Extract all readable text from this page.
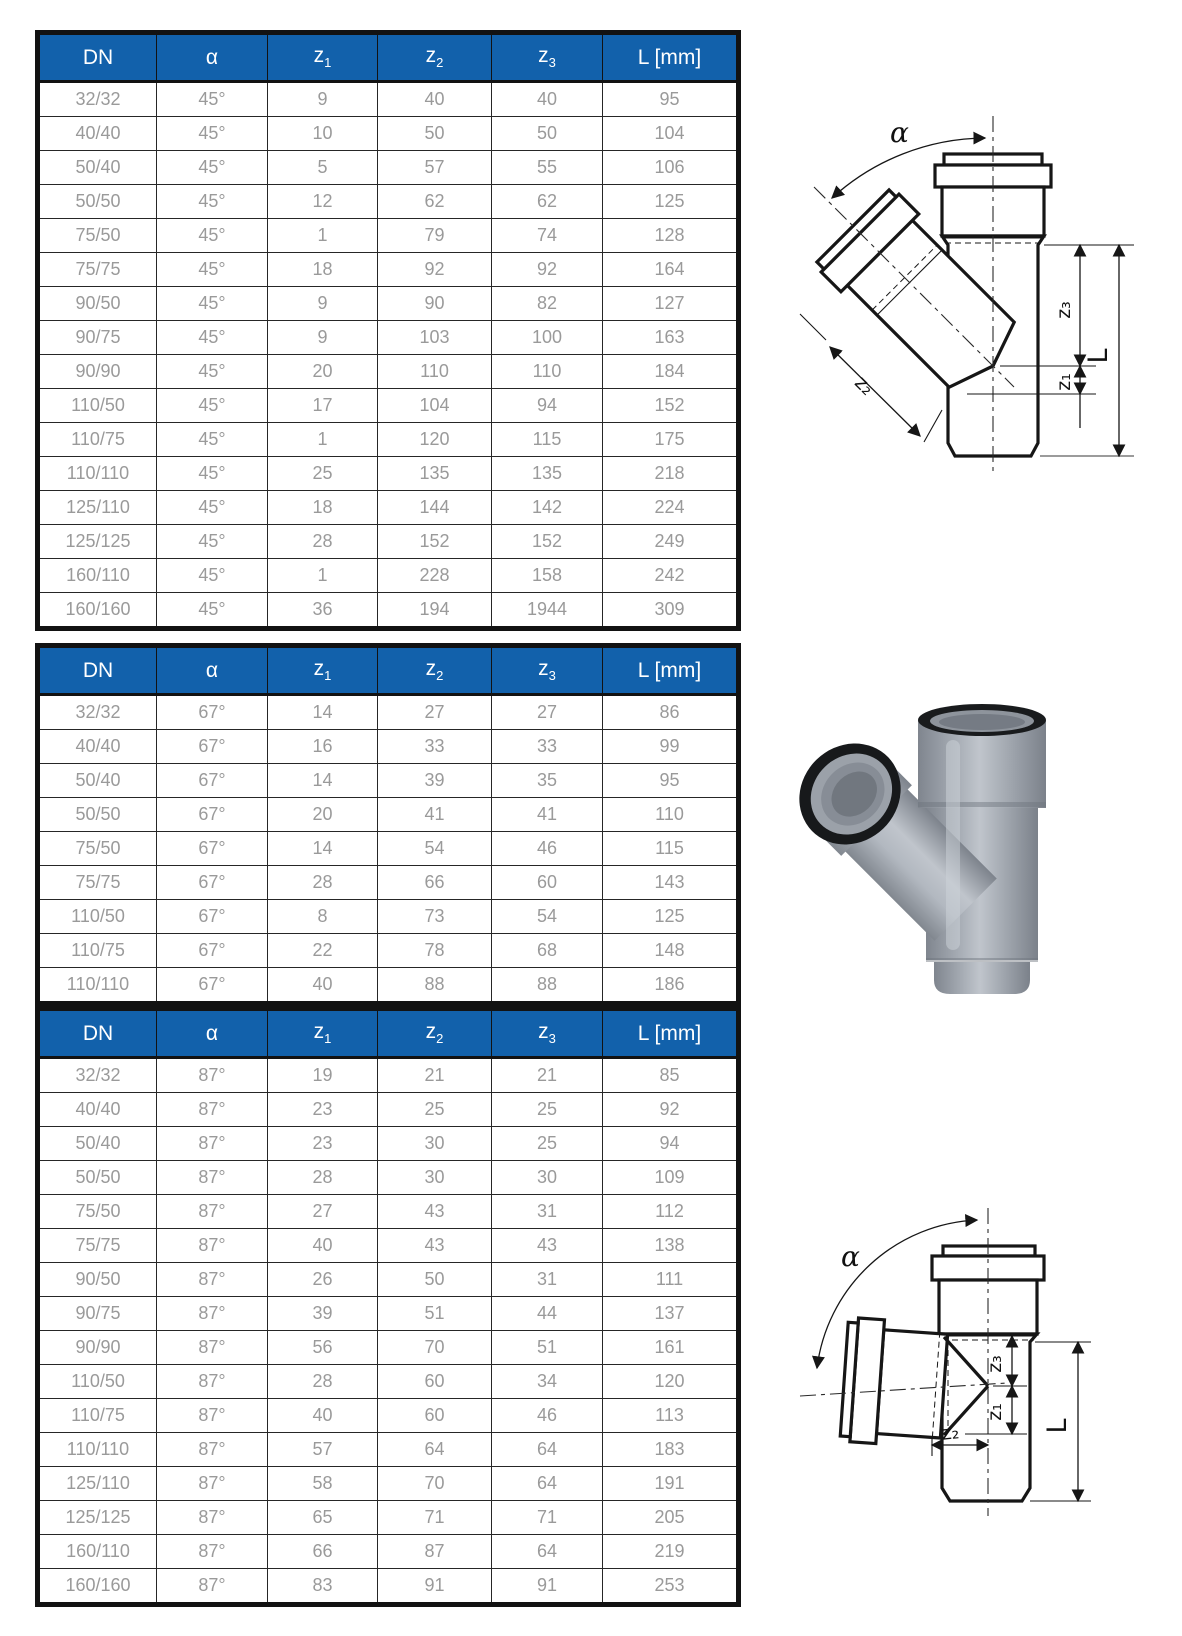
DN	α	$z_1$	$z_2$	$z_3$	L [mm]
32/32	45°	9	40	40	95
40/40	45°	10	50	50	104
50/40	45°	5	57	55	106
50/50	45°	12	62	62	125
75/50	45°	1	79	74	128
75/75	45°	18	92	92	164
90/50	45°	9	90	82	127
90/75	45°	9	103	100	163
90/90	45°	20	110	110	184
110/50	45°	17	104	94	152
110/75	45°	1	120	115	175
110/110	45°	25	135	135	218
125/110	45°	18	144	142	224
125/125	45°	28	152	152	249
160/110	45°	1	228	158	242
160/160	45°	36	194	1944	309
DN	α	$z_1$	$z_2$	$z_3$	L [mm]
32/32	67°	14	27	27	86
40/40	67°	16	33	33	99
50/40	67°	14	39	35	95
50/50	67°	20	41	41	110
75/50	67°	14	54	46	115
75/75	67°	28	66	60	143
110/50	67°	8	73	54	125
110/75	67°	22	78	68	148
110/110	67°	40	88	88	186
DN	α	$z_1$	$z_2$	$z_3$	L [mm]
32/32	87°	19	21	21	85
40/40	87°	23	25	25	92
50/40	87°	23	30	25	94
50/50	87°	28	30	30	109
75/50	87°	27	43	31	112
75/75	87°	40	43	43	138
90/50	87°	26	50	31	111
90/75	87°	39	51	44	137
90/90	87°	56	70	51	161
110/50	87°	28	60	34	120
110/75	87°	40	60	46	113
110/110	87°	57	64	64	183
125/110	87°	58	70	64	191
125/125	87°	65	71	71	205
160/110	87°	66	87	64	219
160/160	87°	83	91	91	253
α
z₃
z₁
L
z₂
α
z₃
z₁
z₂	L
